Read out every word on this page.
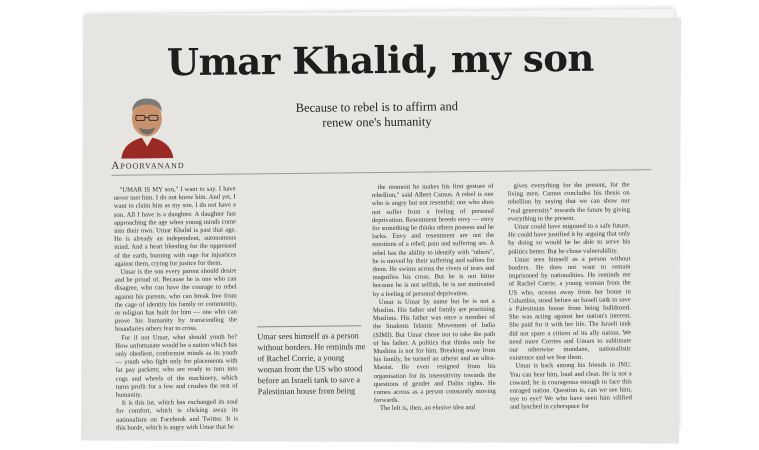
Umar Khalid, my son
Because to rebel is to affirm and renew one's humanity
Apoorvanand

"UMAR IS MY son," I want to say. I have never met him. I do not know him. And yet, I want to claim him as my son. I do not have a son. All I have is a daughter. A daughter fast approaching the age when young minds come into their own. Umar Khalid is past that age. He is already an independent, autonomous mind. And a heart bleeding for the oppressed of the earth, burning with rage for injustices against them, crying for justice for them.

Umar is the son every parent should desire and be proud of. Because he is one who can disagree, who can have the courage to rebel against his parents, who can break free from the cage of identity his family or community, or religion has built for him — one who can prove his humanity by transcending the boundaries others fear to cross.

For if not Umar, what should youth be? How unfortunate would be a nation which has only obedient, conformist minds as its youth — youth who fight only for placements with fat pay packets; who are ready to turn into cogs and wheels of the machinery, which turns profit for a few and crushes the rest of humanity.

It is this lot, which has exchanged its soul for comfort, which is clicking away its nationalism on Facebook and Twitter. It is this horde, which is angry with Umar that he

Umar sees himself as a person without borders. He reminds me of Rachel Corrie, a young woman from the US who stood before an Israeli tank to save a Palestinian house from being

the moment he makes his first gesture of rebellion," said Albert Camus. A rebel is one who is angry but not resentful; one who does not suffer from a feeling of personal deprivation. Resentment breeds envy — envy for something he thinks others possess and he lacks. Envy and resentment are not the emotions of a rebel; pain and suffering are. A rebel has the ability to identify with "others", he is moved by their suffering and suffers for them. He swims across the rivers of tears and magnifies his cross. But he is not bitter because he is not selfish, he is not motivated by a feeling of personal deprivation.

Umar is Umar by name but he is not a Muslim. His father and family are practising Muslims. His father was once a member of the Students Islamic Movement of India (SIMI). But Umar chose not to take the path of his father. A politics that thinks only for Muslims is not for him. Breaking away from his family, he turned an atheist and an ultra-Maoist. He even resigned from his organisation for its insensitivity towards the questions of gender and Dalits rights. He comes across as a person constantly moving forwards.

The left is, then, an elusive idea and

gives everything for the present, for the living men. Camus concludes his thesis on rebellion by saying that we can show our "real generosity" towards the future by giving everything to the present.

Umar could have migrated to a safe future. He could have justified it by arguing that only by doing so would he be able to serve his politics better. But he chose vulnerability.

Umar sees himself as a person without borders. He does not want to remain imprisoned by nationalities. He reminds me of Rachel Corrie, a young woman from the US who, oceans away from her home in Columbia, stood before an Israeli tank to save a Palestinian house from being bulldozed. She was acting against her nation's interest. She paid for it with her life. The Israeli tank did not spare a citizen of its ally nation. We need more Corries and Umars to sublimate our otherwise mundane, nationalistic existence and we fear them.

Umar is back among his friends in JNU. You can hear him, loud and clear. He is not a coward; he is courageous enough to face this enraged nation. Question is, can we see him, eye to eye? We who have seen him vilified and lynched in cyberspace for
